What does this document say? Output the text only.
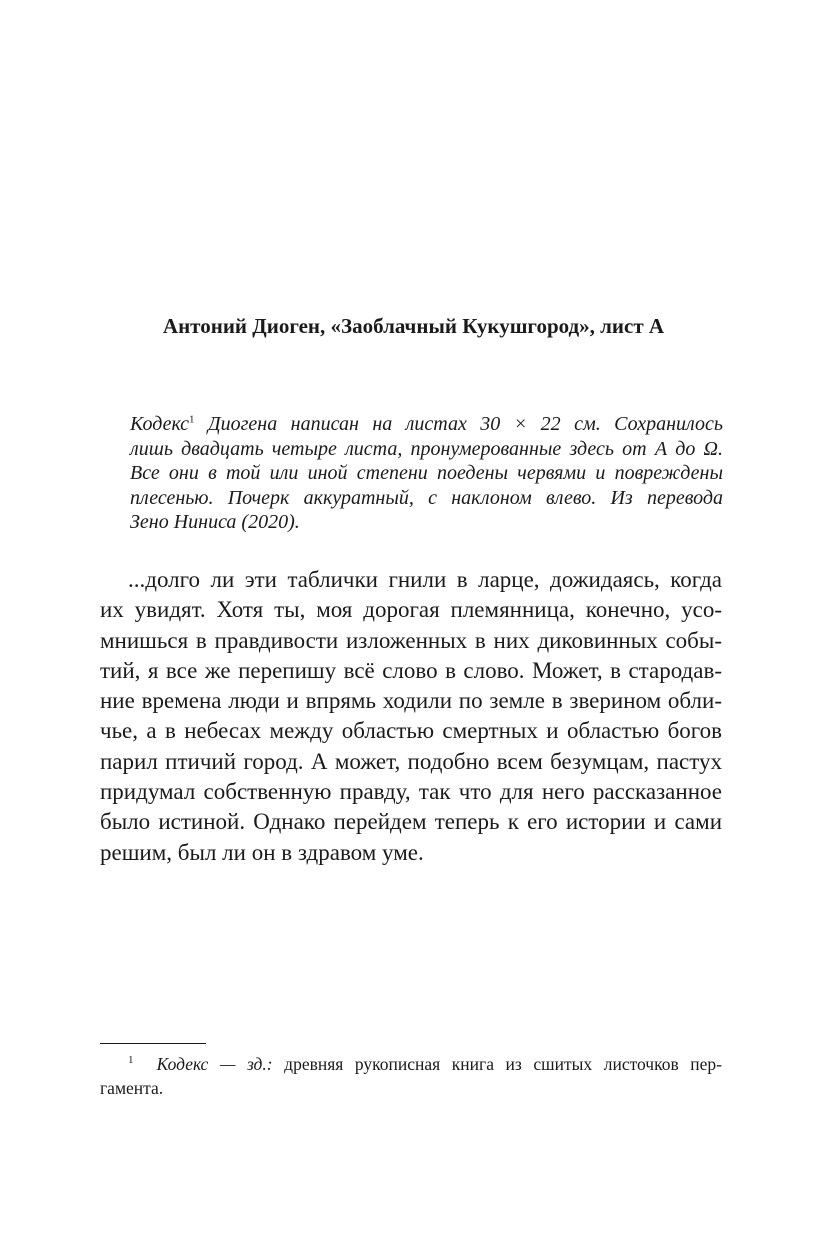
Антоний Диоген, «Заоблачный Кукушгород», лист А
Кодекс$^1$ Диогена написан на листах 30 × 22 см. Сохранилось
лишь двадцать четыре листа, пронумерованные здесь от А до Ω.
Все они в той или иной степени поедены червями и повреждены
плесенью. Почерк аккуратный, с наклоном влево. Из перевода
Зено Ниниса (2020).
...долго ли эти таблички гнили в ларце, дожидаясь, когда
их увидят. Хотя ты, моя дорогая племянница, конечно, усо-
мнишься в правдивости изложенных в них диковинных собы-
тий, я все же перепишу всё слово в слово. Может, в стародав-
ние времена люди и впрямь ходили по земле в зверином обли-
чье, а в небесах между областью смертных и областью богов
парил птичий город. А может, подобно всем безумцам, пастух
придумал собственную правду, так что для него рассказанное
было истиной. Однако перейдем теперь к его истории и сами
решим, был ли он в здравом уме.
$^1$ Кодекс — зд.: древняя рукописная книга из сшитых листочков пер-
гамента.
